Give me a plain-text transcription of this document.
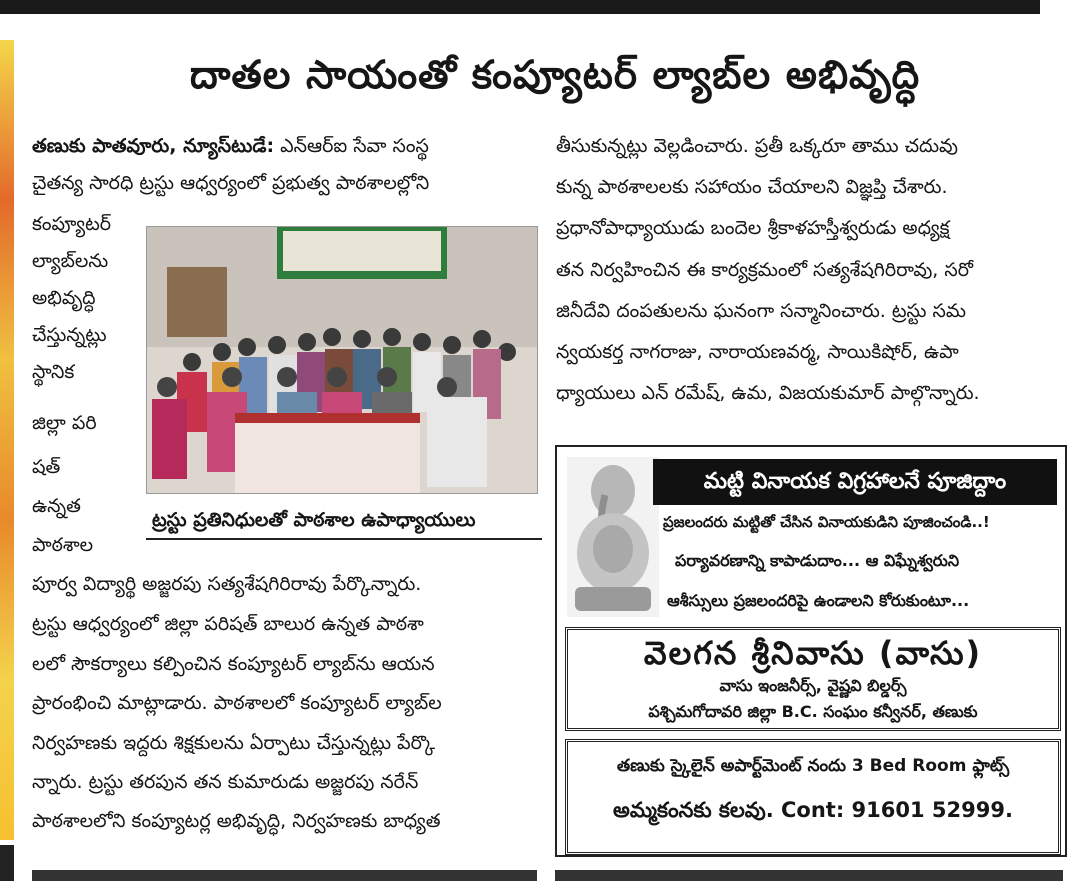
దాతల సాయంతో కంప్యూటర్ ల్యాబ్‌ల అభివృద్ధి
తణుకు పాతవూరు, న్యూస్‌టుడే: ఎన్ఆర్ఐ సేవా సంస్థ
చైతన్య సారధి ట్రస్టు ఆధ్వర్యంలో ప్రభుత్వ పాఠశాలల్లోని
కంప్యూటర్
ల్యాబ్‌లను
అభివృద్ధి
చేస్తున్నట్లు
స్థానిక
జిల్లా పరి
షత్
ఉన్నత
పాఠశాల
ట్రస్టు ప్రతినిధులతో పాఠశాల ఉపాధ్యాయులు
పూర్వ విద్యార్థి అజ్జరపు సత్యశేషగిరిరావు పేర్కొన్నారు.
ట్రస్టు ఆధ్వర్యంలో జిల్లా పరిషత్ బాలుర ఉన్నత పాఠశా
లలో సౌకర్యాలు కల్పించిన కంప్యూటర్ ల్యాబ్‌ను ఆయన
ప్రారంభించి మాట్లాడారు. పాఠశాలలో కంప్యూటర్ ల్యాబ్‌ల
నిర్వహణకు ఇద్దరు శిక్షకులను ఏర్పాటు చేస్తున్నట్లు పేర్కొ
న్నారు. ట్రస్టు తరపున తన కుమారుడు అజ్జరపు నరేన్
పాఠశాలలోని కంప్యూటర్ల అభివృద్ధి, నిర్వహణకు బాధ్యత
తీసుకున్నట్లు వెల్లడించారు. ప్రతీ ఒక్కరూ తాము చదువు
కున్న పాఠశాలలకు సహాయం చేయాలని విజ్ఞప్తి చేశారు.
ప్రధానోపాధ్యాయుడు బందెల శ్రీకాళహస్తీశ్వరుడు అధ్యక్ష
తన నిర్వహించిన ఈ కార్యక్రమంలో సత్యశేషగిరిరావు, సరో
జినీదేవి దంపతులను ఘనంగా సన్మానించారు. ట్రస్టు సమ
న్వయకర్త నాగరాజు, నారాయణవర్మ, సాయికిషోర్, ఉపా
ధ్యాయులు ఎన్ రమేష్, ఉమ, విజయకుమార్ పాల్గొన్నారు.
మట్టి వినాయక విగ్రహాలనే పూజిద్దాం
ప్రజలందరు మట్టితో చేసిన వినాయకుడిని పూజించండి..!
పర్యావరణాన్ని కాపాడుదాం... ఆ విఘ్నేశ్వరుని
ఆశీస్సులు ప్రజలందరిపై ఉండాలని కోరుకుంటూ...
వెలగన శ్రీనివాసు (వాసు)
వాసు ఇంజనీర్స్, వైష్ణవి బిల్డర్స్
పశ్చిమగోదావరి జిల్లా B.C. సంఘం కన్వీనర్, తణుకు
తణుకు స్కైలైన్ అపార్ట్‌మెంట్ నందు 3 Bed Room ఫ్లాట్స్
అమ్మకంనకు కలవు. Cont: 91601 52999.
